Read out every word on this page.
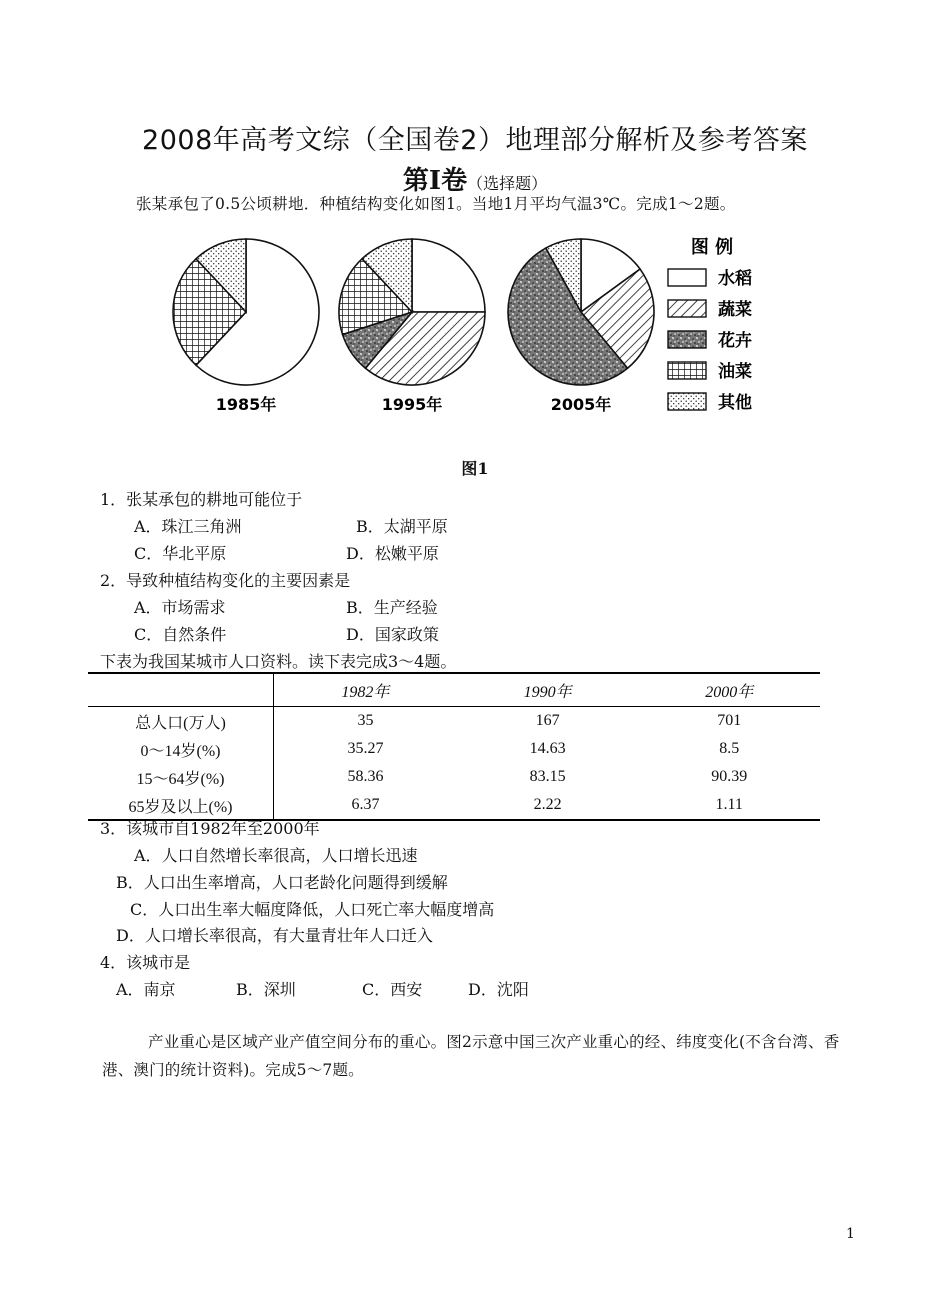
2008年高考文综（全国卷2）地理部分解析及参考答案
第Ⅰ卷（选择题）
张某承包了0.5公顷耕地．种植结构变化如图1。当地1月平均气温3℃。完成1～2题。
1985年	1995年	2005年
图 例
水稻
蔬菜
花卉
油菜
其他
图1
1．张某承包的耕地可能位于
A．珠江三角洲	B．太湖平原
C．华北平原	D．松嫩平原
2．导致种植结构变化的主要因素是
A．市场需求	B．生产经验
C．自然条件	D．国家政策
下表为我国某城市人口资料。读下表完成3～4题。
	1982年	1990年	2000年
总人口(万人)	35	167	701
0～14岁(%)	35.27	14.63	8.5
15～64岁(%)	58.36	83.15	90.39
65岁及以上(%)	6.37	2.22	1.11
3．该城市自1982年至2000年
A．人口自然增长率很高，人口增长迅速
B．人口出生率增高，人口老龄化问题得到缓解
C．人口出生率大幅度降低，人口死亡率大幅度增高
D．人口增长率很高，有大量青壮年人口迁入
4．该城市是
A．南京	B．深圳	C．西安	D．沈阳
产业重心是区域产业产值空间分布的重心。图2示意中国三次产业重心的经、纬度变化(不含台湾、香港、澳门的统计资料)。完成5～7题。
1
